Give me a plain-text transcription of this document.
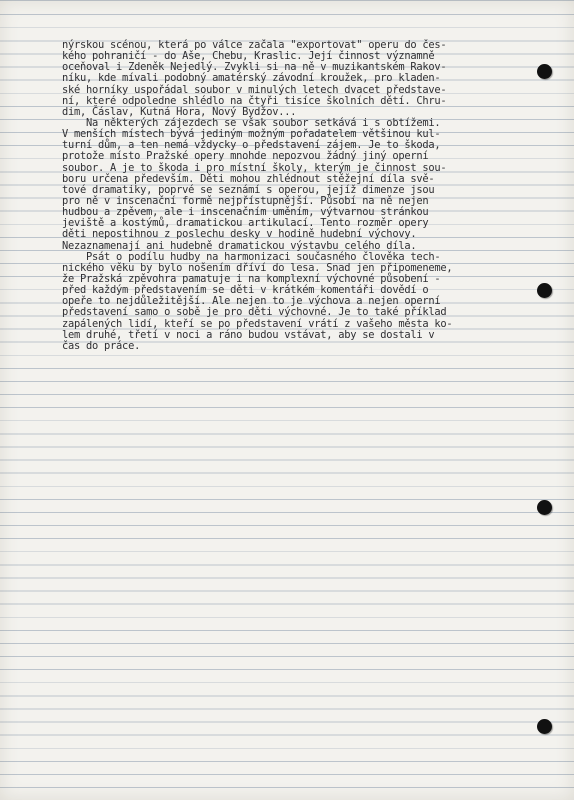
nýrskou scénou, která po válce začala "exportovat" operu do čes-
kého pohraničí - do Aše, Chebu, Kraslic. Její činnost významně
oceňoval i Zdeněk Nejedlý. Zvykli si na ně v muzikantském Rakov-
níku, kde mívali podobný amatérský závodní kroužek, pro kladen-
ské horníky uspořádal soubor v minulých letech dvacet představe-
ní, které odpoledne shlédlo na čtyři tisíce školních dětí. Chru-
dim, Čáslav, Kutná Hora, Nový Bydžov...
Na některých zájezdech se však soubor setkává i s obtížemi.
V menších místech bývá jediným možným pořadatelem většinou kul-
turní dům, a ten nemá vždycky o představení zájem. Je to škoda,
protože místo Pražské opery mnohde nepozvou žádný jiný operní
soubor. A je to škoda i pro místní školy, kterým je činnost sou-
boru určena především. Děti mohou zhlédnout stěžejní díla svě-
tové dramatiky, poprvé se seznámí s operou, jejíž dimenze jsou
pro ně v inscenační formě nejpřístupnější. Působí na ně nejen
hudbou a zpěvem, ale i inscenačním uměním, výtvarnou stránkou
jeviště a kostýmů, dramatickou artikulací. Tento rozměr opery
děti nepostihnou z poslechu desky v hodině hudební výchovy.
Nezaznamenají ani hudebně dramatickou výstavbu celého díla.
Psát o podílu hudby na harmonizaci současného člověka tech-
nického věku by bylo nošením dříví do lesa. Snad jen připomeneme,
že Pražská zpěvohra pamatuje i na komplexní výchovné působení -
před každým představením se děti v krátkém komentáři dovědí o
opeře to nejdůležitější. Ale nejen to je výchova a nejen operní
představení samo o sobě je pro děti výchovné. Je to také příklad
zapálených lidí, kteří se po představení vrátí z vašeho města ko-
lem druhé, třetí v noci a ráno budou vstávat, aby se dostali v
čas do práce.
